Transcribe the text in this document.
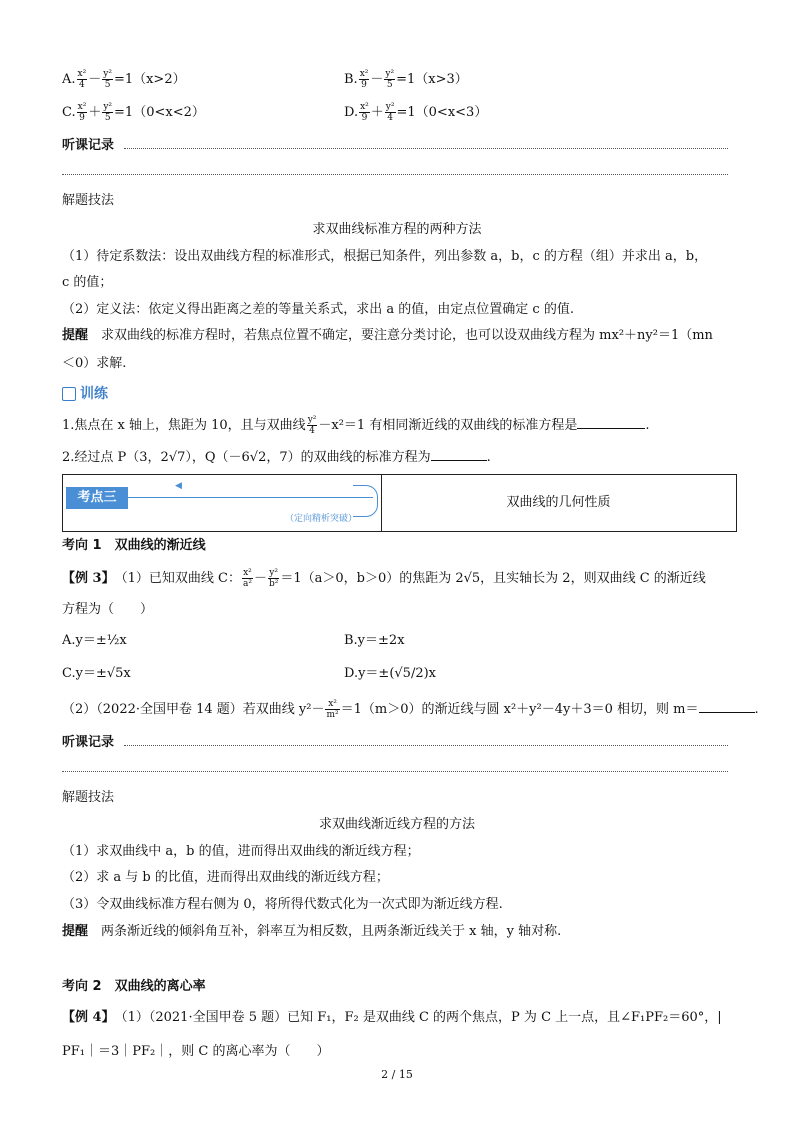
A. $\frac{\text{x²}}{4} - \frac{\text{y²}}{5} =1(x>2)$	B. $\frac{\text{x²}}{9} - \frac{\text{y²}}{5} =1(x>3)$
C. $\frac{\text{x²}}{9} + \frac{\text{y²}}{5} =1(0<x<2)$	D. $\frac{\text{x²}}{9} + \frac{\text{y²}}{4} =1(0<x<3)$
听课记录
解题技法
求双曲线标准方程的两种方法
（1）待定系数法：设出双曲线方程的标准形式，根据已知条件，列出参数 a，b，c 的方程（组）并求出 a，b，
c 的值；
（2）定义法：依定义得出距离之差的等量关系式，求出 a 的值，由定点位置确定 c 的值.
提醒　 求双曲线的标准方程时，若焦点位置不确定，要注意分类讨论，也可以设双曲线方程为 mx²＋ny²＝1（mn
＜0）求解.
训练
1.焦点在 x 轴上，焦距为 10，且与双曲线 $\frac{\text{y²}}{4} -x^2=1$ 有相同渐近线的双曲线的标准方程是	.
2.经过点 P（3，2√7），Q（－6√2，7）的双曲线的标准方程为	.
考点三
◀
（定向精析突破）
双曲线的几何性质
考向 1　双曲线的渐近线
【例 3】　 （1）已知双曲线 C： $\frac{\text{x²}}{\text{a²}} - \frac{\text{y²}}{\text{b²}} =1(a>0$，b＞0）的焦距为 2√5，且实轴长为 2，则双曲线 C 的渐近线
方程为（　　）
A.y＝±½x	B.y＝±2x
C.y＝±√5x	D.y＝±(√5/2)x
（2）（2022·全国甲卷 14 题）若双曲线 $y^2- \frac{\text{x²}}{\text{m²}} =1(m>0)$的渐近线与圆 x²＋y²－4y＋3＝0 相切，则 m＝	.
听课记录
解题技法
求双曲线渐近线方程的方法
（1）求双曲线中 a，b 的值，进而得出双曲线的渐近线方程；
（2）求 a 与 b 的比值，进而得出双曲线的渐近线方程；
（3）令双曲线标准方程右侧为 0，将所得代数式化为一次式即为渐近线方程.
提醒　 两条渐近线的倾斜角互补，斜率互为相反数，且两条渐近线关于 x 轴，y 轴对称.
考向 2　双曲线的离心率
【例 4】　 （1）（2021·全国甲卷 5 题）已知 F₁，F₂ 是双曲线 C 的两个焦点，P 为 C 上一点，且∠F₁PF₂＝60°，|
PF₁｜＝3｜PF₂｜，则 C 的离心率为（　　）
2 / 15
